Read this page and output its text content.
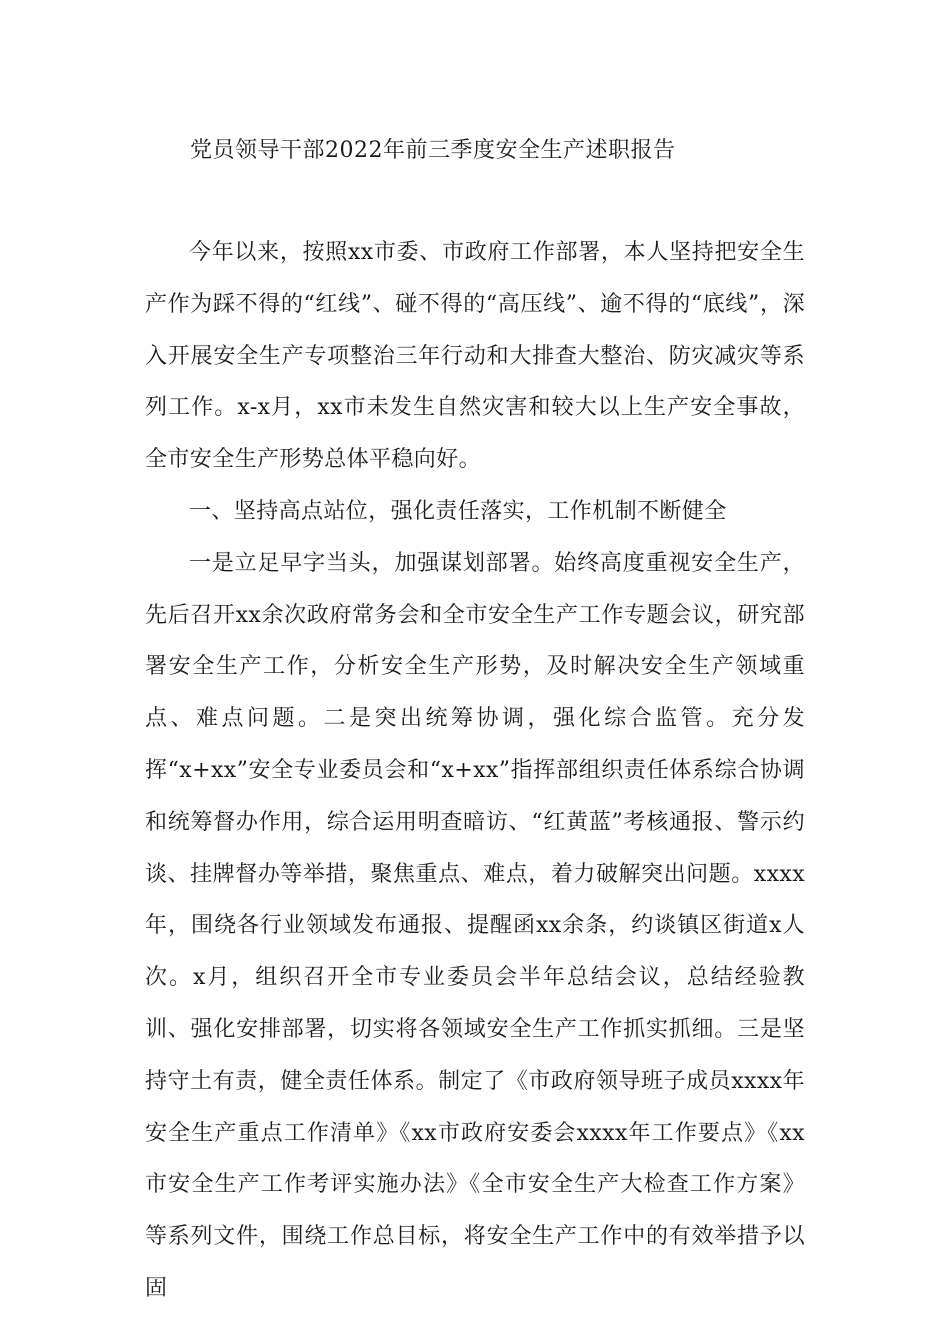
党员领导干部2022年前三季度安全生产述职报告

今年以来，按照xx市委、市政府工作部署，本人坚持把安全生产作为踩不得的“红线”、碰不得的“高压线”、逾不得的“底线”，深入开展安全生产专项整治三年行动和大排查大整治、防灾减灾等系列工作。x-x月，xx市未发生自然灾害和较大以上生产安全事故，全市安全生产形势总体平稳向好。

一、坚持高点站位，强化责任落实，工作机制不断健全

一是立足早字当头，加强谋划部署。始终高度重视安全生产，先后召开xx余次政府常务会和全市安全生产工作专题会议，研究部署安全生产工作，分析安全生产形势，及时解决安全生产领域重点、难点问题。二是突出统筹协调，强化综合监管。充分发挥“x+xx”安全专业委员会和“x+xx”指挥部组织责任体系综合协调和统筹督办作用，综合运用明查暗访、“红黄蓝”考核通报、警示约谈、挂牌督办等举措，聚焦重点、难点，着力破解突出问题。xxxx年，围绕各行业领域发布通报、提醒函xx余条，约谈镇区街道x人次。x月，组织召开全市专业委员会半年总结会议，总结经验教训、强化安排部署，切实将各领域安全生产工作抓实抓细。三是坚持守土有责，健全责任体系。制定了《市政府领导班子成员xxxx年安全生产重点工作清单》《xx市政府安委会xxxx年工作要点》《xx市安全生产工作考评实施办法》《全市安全生产大检查工作方案》等系列文件，围绕工作总目标，将安全生产工作中的有效举措予以固
